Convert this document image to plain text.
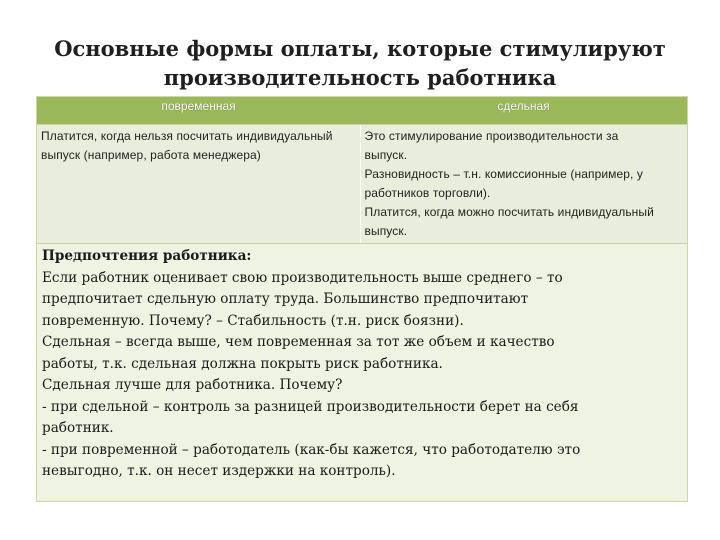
Основные формы оплаты, которые стимулируют
производительность работника
повременная	сдельная
Платится, когда нельзя посчитать индивидуальный
выпуск (например, работа менеджера)
Это стимулирование производительности за
выпуск.
Разновидность – т.н. комиссионные (например, у
работников торговли).
Платится, когда можно посчитать индивидуальный
выпуск.
Предпочтения работника:
Если работник оценивает свою производительность выше среднего – то
предпочитает сдельную оплату труда. Большинство предпочитают
повременную. Почему? – Стабильность (т.н. риск боязни).
Сдельная – всегда выше, чем повременная за тот же объем и качество
работы, т.к. сдельная должна покрыть риск работника.
Сдельная лучше для работника. Почему?
- при сдельной – контроль за разницей производительности берет на себя
работник.
- при повременной – работодатель (как-бы кажется, что работодателю это
невыгодно, т.к. он несет издержки на контроль).
